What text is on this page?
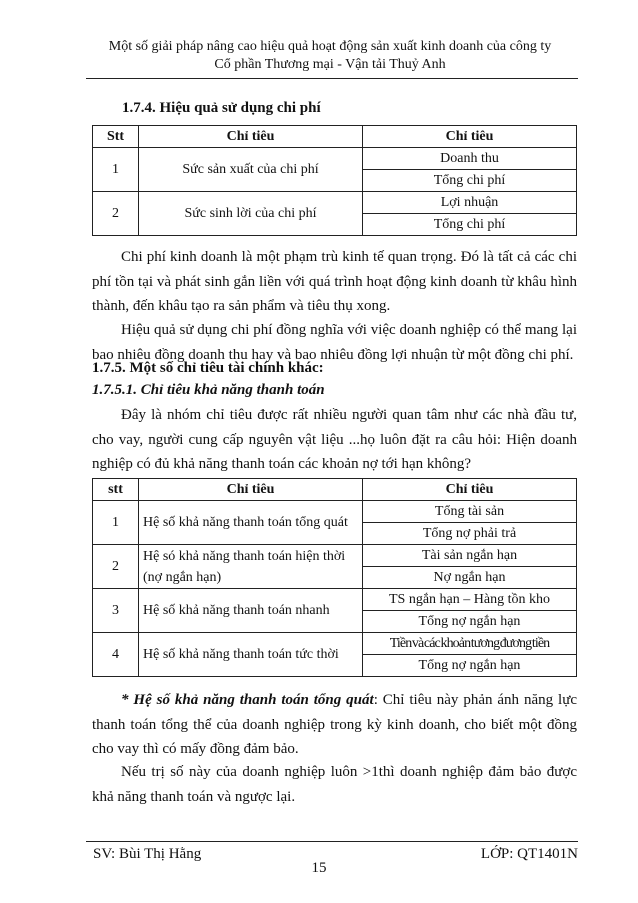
Một số giải pháp nâng cao hiệu quả hoạt động sản xuất kinh doanh của công ty
Cổ phần Thương mại - Vận tải Thuỷ Anh
1.7.4. Hiệu quả sử dụng chi phí
Stt	Chỉ tiêu	Chỉ tiêu
1	Sức sản xuất của chi phí	Doanh thu
		Tổng chi phí
2	Sức sinh lời của chi phí	Lợi nhuận
		Tổng chi phí
Chi phí kinh doanh là một phạm trù kinh tế quan trọng. Đó là tất cả các chi phí tồn tại và phát sinh gắn liền với quá trình hoạt động kinh doanh từ khâu hình thành, đến khâu tạo ra sản phẩm và tiêu thụ xong.
Hiệu quả sử dụng chi phí đồng nghĩa với việc doanh nghiệp có thể mang lại bao nhiêu đồng doanh thu hay và bao nhiêu đồng lợi nhuận từ một đồng chi phí.
1.7.5. Một số chỉ tiêu tài chính khác:
1.7.5.1. Chỉ tiêu khả năng thanh toán
Đây là nhóm chỉ tiêu được rất nhiều người quan tâm như các nhà đầu tư, cho vay, người cung cấp nguyên vật liệu ...họ luôn đặt ra câu hỏi: Hiện doanh nghiệp có đủ khả năng thanh toán các khoản nợ tới hạn không?
stt	Chỉ tiêu	Chỉ tiêu
1	Hệ số khả năng thanh toán tổng quát	Tổng tài sản
		Tổng nợ phải trả
2	Hệ só khả năng thanh toán hiện thời (nợ ngắn hạn)	Tài sản ngắn hạn
		Nợ ngắn hạn
3	Hệ số khả năng thanh toán nhanh	TS ngắn hạn – Hàng tồn kho
		Tổng nợ ngắn hạn
4	Hệ số khả năng thanh toán tức thời	Tiền và các khoản tương đương tiền
		Tổng nợ ngắn hạn
* Hệ số khả năng thanh toán tổng quát: Chỉ tiêu này phản ánh năng lực thanh toán tổng thể của doanh nghiệp trong kỳ kinh doanh, cho biết một đồng cho vay thì có mấy đồng đảm bảo.
Nếu trị số này của doanh nghiệp luôn >1thì doanh nghiệp đảm bảo được khả năng thanh toán và ngược lại.
SV: Bùi Thị Hằng	LỚP: QT1401N
15
